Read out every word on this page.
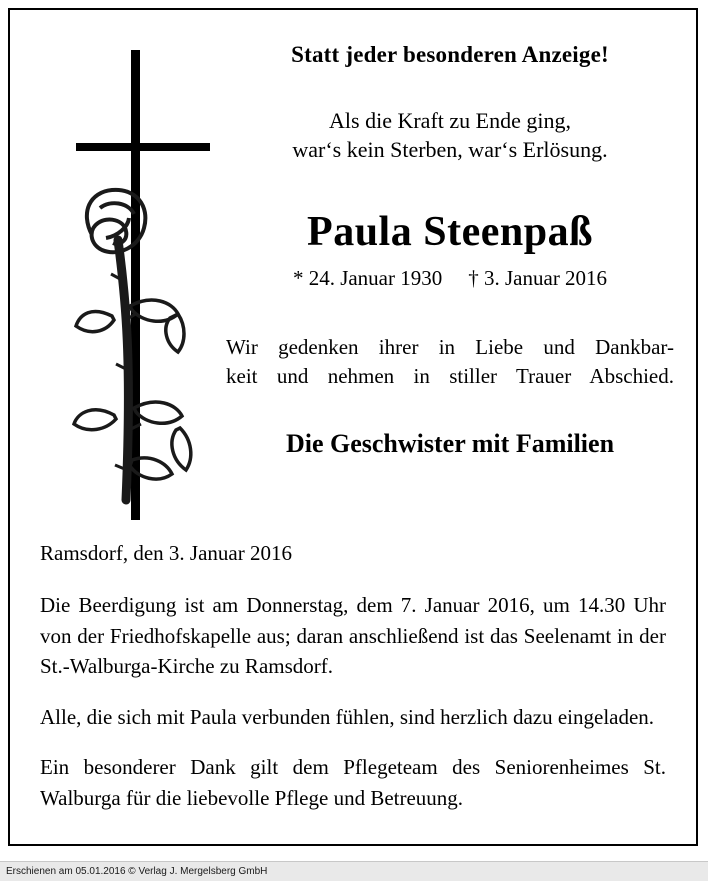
Statt jeder besonderen Anzeige!
Als die Kraft zu Ende ging,
war‘s kein Sterben, war‘s Erlösung.
Paula Steenpaß
* 24. Januar 1930 † 3. Januar 2016
Wir gedenken ihrer in Liebe und Dankbar-
keit und nehmen in stiller Trauer Abschied.
Die Geschwister mit Familien
Ramsdorf, den 3. Januar 2016
Die Beerdigung ist am Donnerstag, dem 7. Januar 2016, um 14.30 Uhr von der Friedhofskapelle aus; daran anschließend ist das Seelenamt in der St.-Walburga-Kirche zu Ramsdorf.
Alle, die sich mit Paula verbunden fühlen, sind herzlich dazu eingeladen.
Ein besonderer Dank gilt dem Pflegeteam des Seniorenheimes St. Walburga für die liebevolle Pflege und Betreuung.
Erschienen am 05.01.2016 © Verlag J. Mergelsberg GmbH
